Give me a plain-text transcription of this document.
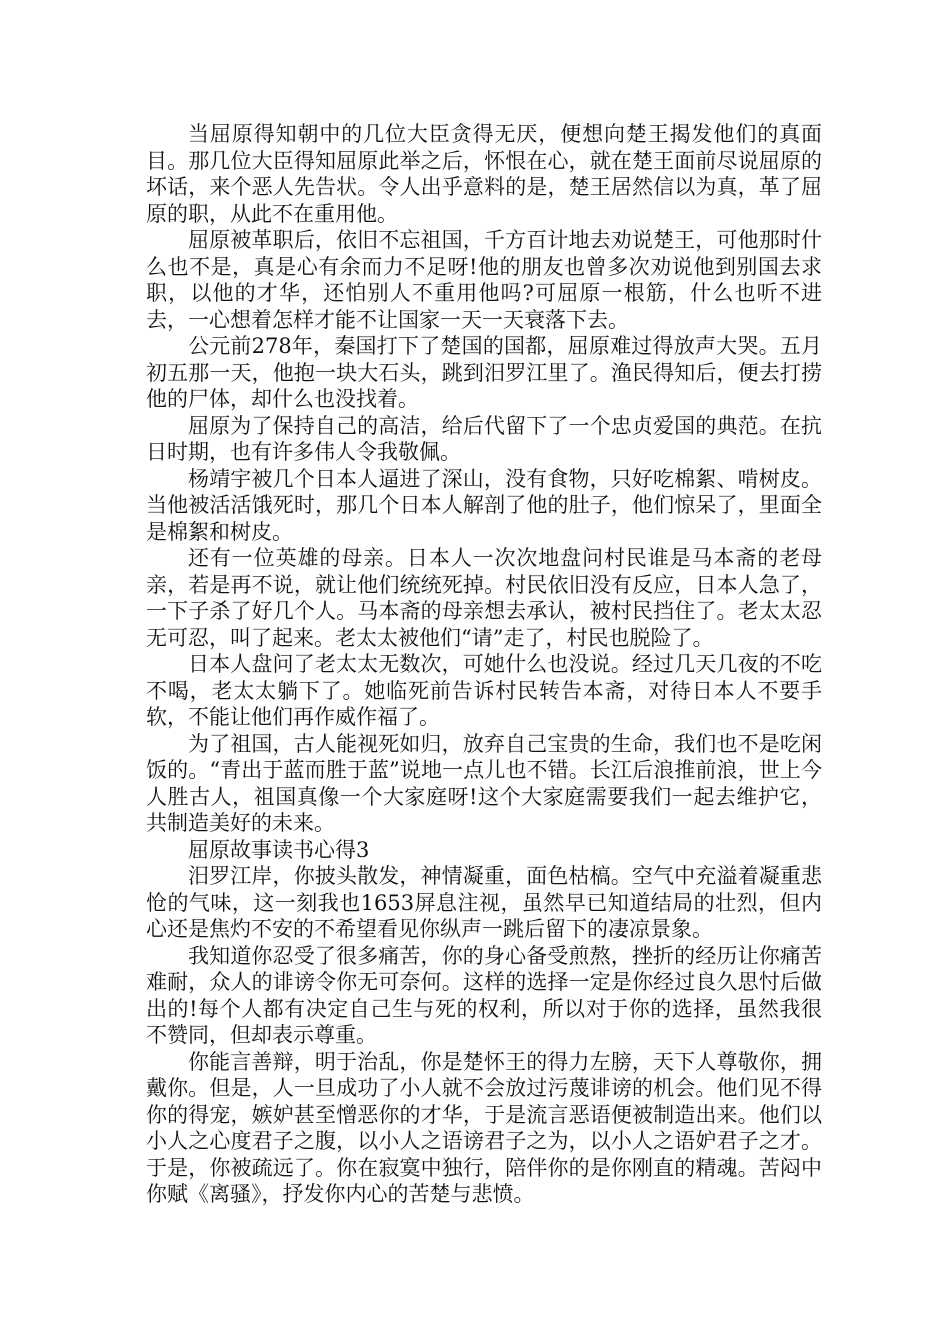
当屈原得知朝中的几位大臣贪得无厌，便想向楚王揭发他们的真面目。那几位大臣得知屈原此举之后，怀恨在心，就在楚王面前尽说屈原的坏话，来个恶人先告状。令人出乎意料的是，楚王居然信以为真，革了屈原的职，从此不在重用他。

屈原被革职后，依旧不忘祖国，千方百计地去劝说楚王，可他那时什么也不是，真是心有余而力不足呀!他的朋友也曾多次劝说他到别国去求职，以他的才华，还怕别人不重用他吗?可屈原一根筋，什么也听不进去，一心想着怎样才能不让国家一天一天衰落下去。

公元前278年，秦国打下了楚国的国都，屈原难过得放声大哭。五月初五那一天，他抱一块大石头，跳到汨罗江里了。渔民得知后，便去打捞他的尸体，却什么也没找着。

屈原为了保持自己的高洁，给后代留下了一个忠贞爱国的典范。在抗日时期，也有许多伟人令我敬佩。

杨靖宇被几个日本人逼进了深山，没有食物，只好吃棉絮、啃树皮。当他被活活饿死时，那几个日本人解剖了他的肚子，他们惊呆了，里面全是棉絮和树皮。

还有一位英雄的母亲。日本人一次次地盘问村民谁是马本斋的老母亲，若是再不说，就让他们统统死掉。村民依旧没有反应，日本人急了，一下子杀了好几个人。马本斋的母亲想去承认，被村民挡住了。老太太忍无可忍，叫了起来。老太太被他们“请”走了，村民也脱险了。

日本人盘问了老太太无数次，可她什么也没说。经过几天几夜的不吃不喝，老太太躺下了。她临死前告诉村民转告本斋，对待日本人不要手软，不能让他们再作威作福了。

为了祖国，古人能视死如归，放弃自己宝贵的生命，我们也不是吃闲饭的。“青出于蓝而胜于蓝”说地一点儿也不错。长江后浪推前浪，世上今人胜古人，祖国真像一个大家庭呀!这个大家庭需要我们一起去维护它，共制造美好的未来。

屈原故事读书心得3

汨罗江岸，你披头散发，神情凝重，面色枯槁。空气中充溢着凝重悲怆的气味，这一刻我也1653屏息注视，虽然早已知道结局的壮烈，但内心还是焦灼不安的不希望看见你纵声一跳后留下的凄凉景象。

我知道你忍受了很多痛苦，你的身心备受煎熬，挫折的经历让你痛苦难耐，众人的诽谤令你无可奈何。这样的选择一定是你经过良久思忖后做出的!每个人都有决定自己生与死的权利，所以对于你的选择，虽然我很不赞同，但却表示尊重。

你能言善辩，明于治乱，你是楚怀王的得力左膀，天下人尊敬你，拥戴你。但是，人一旦成功了小人就不会放过污蔑诽谤的机会。他们见不得你的得宠，嫉妒甚至憎恶你的才华，于是流言恶语便被制造出来。他们以小人之心度君子之腹，以小人之语谤君子之为，以小人之语妒君子之才。于是，你被疏远了。你在寂寞中独行，陪伴你的是你刚直的精魂。苦闷中你赋《离骚》，抒发你内心的苦楚与悲愤。
